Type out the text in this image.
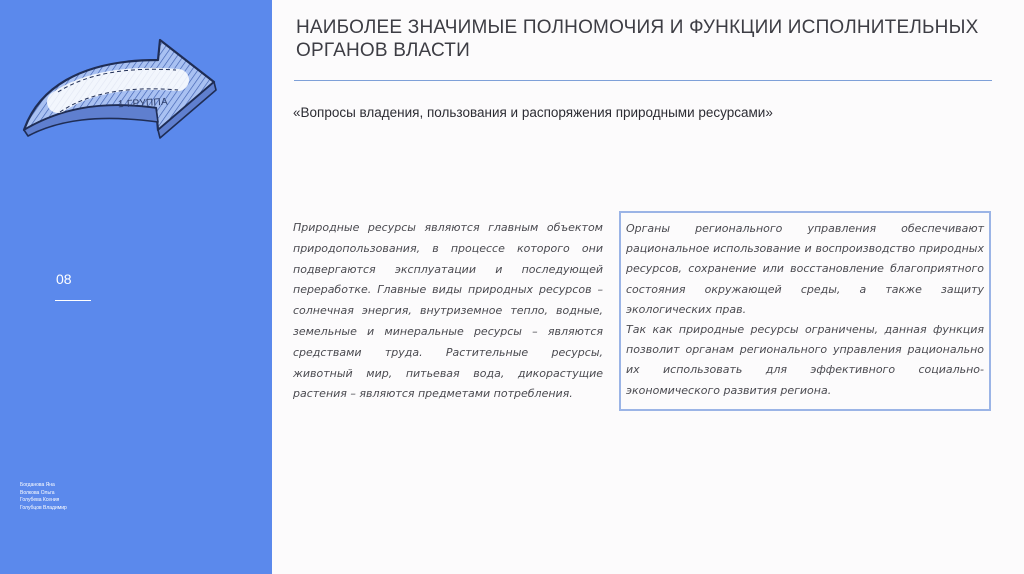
1 ГРУППА
08
Богданова Яна
Волкова Ольга
Голубева Ксения
Голубцов Владимир
НАИБОЛЕЕ ЗНАЧИМЫЕ ПОЛНОМОЧИЯ И ФУНКЦИИ ИСПОЛНИТЕЛЬНЫХ ОРГАНОВ ВЛАСТИ
«Вопросы владения, пользования и распоряжения природными ресурсами»
Природные ресурсы являются главным объектом природопользования, в процессе которого они подвергаются эксплуатации и последующей переработке. Главные виды природных ресурсов – солнечная энергия, внутриземное тепло, водные, земельные и минеральные ресурсы – являются средствами труда. Растительные ресурсы, животный мир, питьевая вода, дикорастущие растения – являются предметами потребления.

Органы регионального управления обеспечивают рациональное использование и воспроизводство природных ресурсов, сохранение или восстановление благоприятного состояния окружающей среды, а также защиту экологических прав.

Так как природные ресурсы ограничены, данная функция позволит органам регионального управления рационально их использовать для эффективного социально-экономического развития региона.
